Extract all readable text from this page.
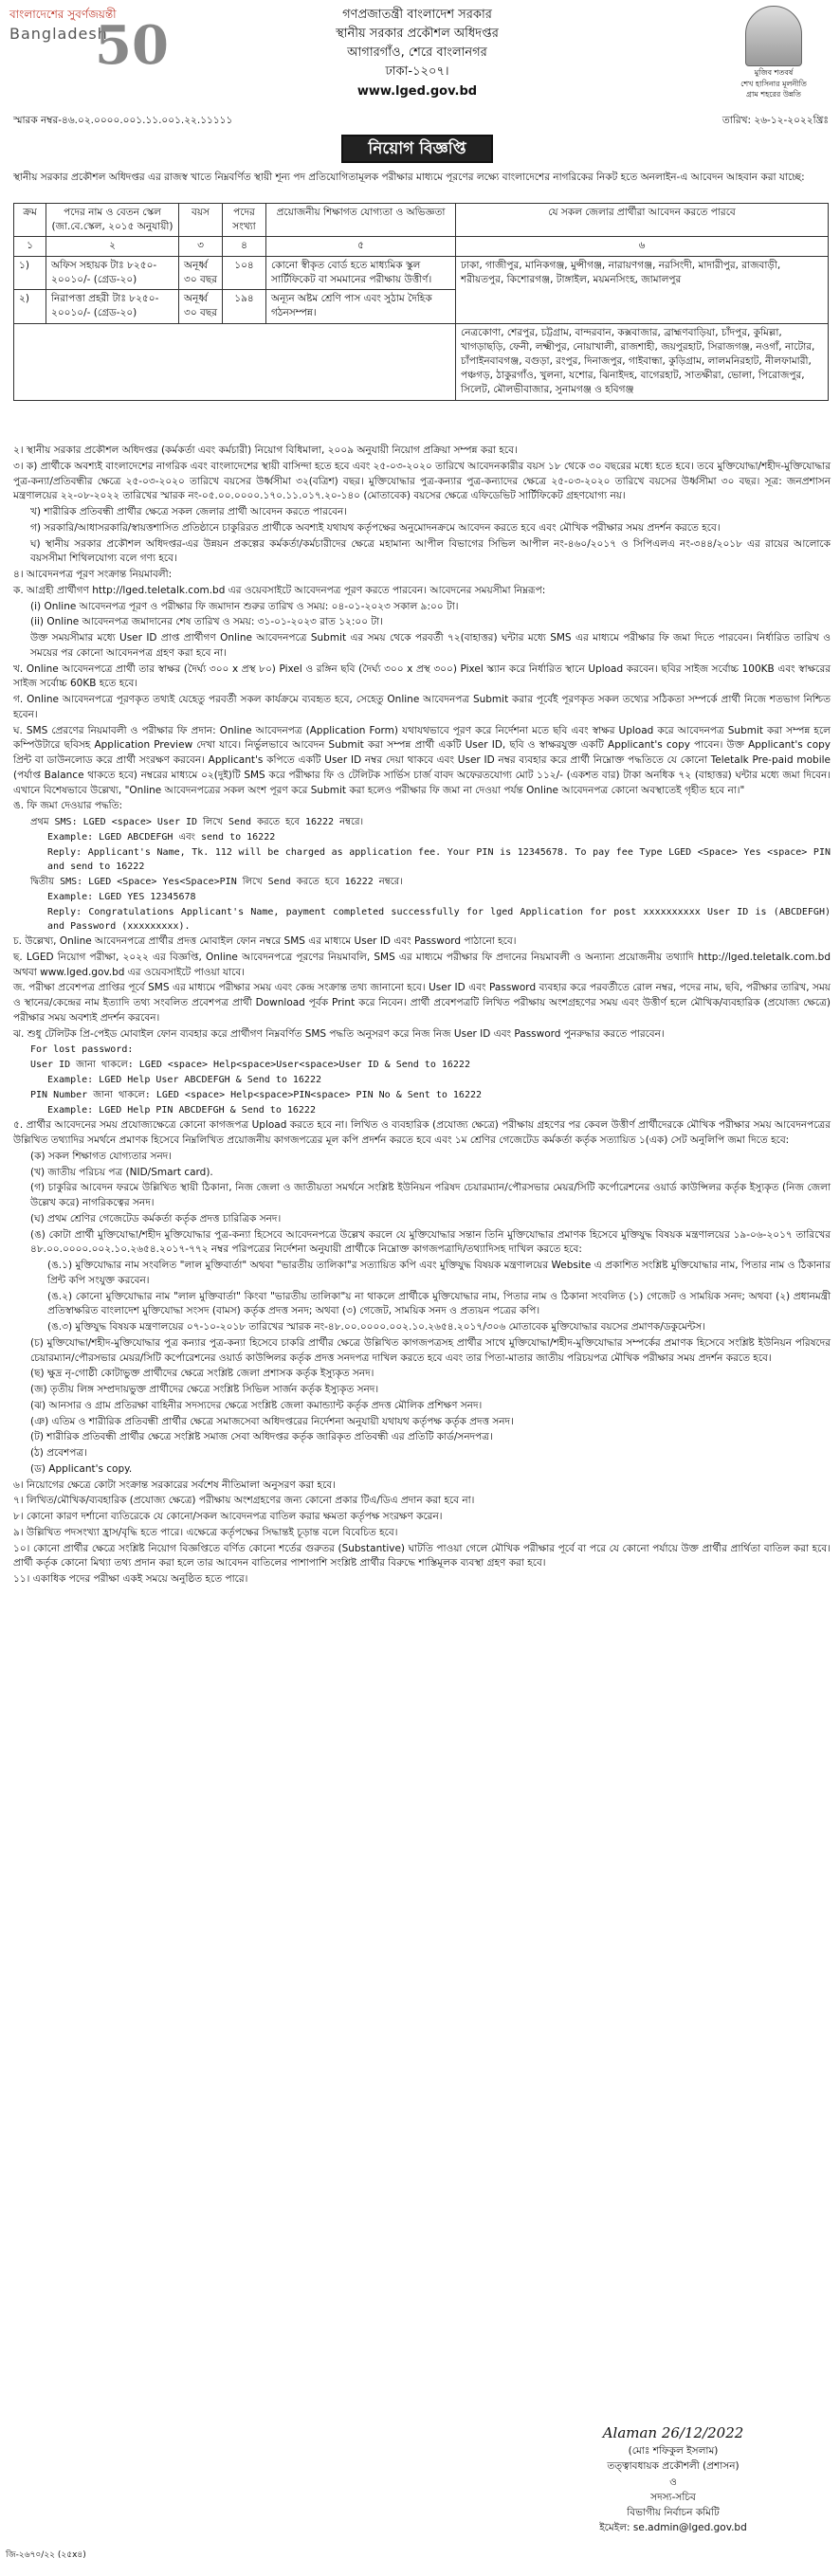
বাংলাদেশের সুবর্ণজয়ন্তী
Bangladesh
50	গণপ্রজাতন্ত্রী বাংলাদেশ সরকার
স্থানীয় সরকার প্রকৌশল অধিদপ্তর
আগারগাঁও, শেরে বাংলানগর
ঢাকা-১২০৭।
www.lged.gov.bd
মুজিব শতবর্ষ
শেখ হাসিনার মূলনীতি
গ্রাম শহরের উন্নতি
স্মারক নম্বর-৪৬.০২.০০০০.০০১.১১.০০১.২২.১১১১১	তারিখ: ২৬-১২-২০২২খ্রিঃ
নিয়োগ বিজ্ঞপ্তি
স্থানীয় সরকার প্রকৌশল অধিদপ্তর এর রাজস্ব খাতে নিম্নবর্ণিত স্থায়ী শূন্য পদ প্রতিযোগিতামূলক পরীক্ষার মাধ্যমে পূরণের লক্ষ্যে বাংলাদেশের নাগরিকের নিকট হতে অনলাইন-এ আবেদন আহবান করা যাচ্ছে:
ক্রম	পদের নাম ও বেতন স্কেল (জা.বে.স্কেল, ২০১৫ অনুযায়ী)	বয়স	পদের সংখ্যা	প্রয়োজনীয় শিক্ষাগত যোগ্যতা ও অভিজ্ঞতা	যে সকল জেলার প্রার্থীরা আবেদন করতে পারবে
১	২	৩	৪	৫	৬
১)	অফিস সহায়ক টাঃ ৮২৫০- ২০০১০/- (গ্রেড-২০)	অনূর্ধ্ব ৩০ বছর	১০৪	কোনো স্বীকৃত বোর্ড হতে মাধ্যমিক স্কুল সার্টিফিকেট বা সমমানের পরীক্ষায় উত্তীর্ণ।	ঢাকা, গাজীপুর, মানিকগঞ্জ, মুন্সীগঞ্জ, নারায়ণগঞ্জ, নরসিংদী, মাদারীপুর, রাজবাড়ী, শরীয়তপুর, কিশোরগঞ্জ, টাঙ্গাইল, ময়মনসিংহ, জামালপুর
২)	নিরাপত্তা প্রহরী টাঃ ৮২৫০- ২০০১০/- (গ্রেড-২০)	অনূর্ধ্ব ৩০ বছর	১৯৪	অন্যূন অষ্টম শ্রেণি পাস এবং সুঠাম দৈহিক গঠনসম্পন্ন।	
					নেত্রকোণা, শেরপুর, চট্টগ্রাম, বান্দরবান, কক্সবাজার, ব্রাহ্মণবাড়িয়া, চাঁদপুর, কুমিল্লা, খাগড়াছড়ি, ফেনী, লক্ষ্মীপুর, নোয়াখালী, রাজশাহী, জয়পুরহাট, সিরাজগঞ্জ, নওগাঁ, নাটোর, চাঁপাইনবাবগঞ্জ, বগুড়া, রংপুর, দিনাজপুর, গাইবান্ধা, কুড়িগ্রাম, লালমনিরহাট, নীলফামারী, পঞ্চগড়, ঠাকুরগাঁও, খুলনা, যশোর, ঝিনাইদহ, বাগেরহাট, সাতক্ষীরা, ভোলা, পিরোজপুর, সিলেট, মৌলভীবাজার, সুনামগঞ্জ ও হবিগঞ্জ

২। স্থানীয় সরকার প্রকৌশল অধিদপ্তর (কর্মকর্তা এবং কর্মচারী) নিয়োগ বিধিমালা, ২০০৯ অনুযায়ী নিয়োগ প্রক্রিয়া সম্পন্ন করা হবে।

৩। ক) প্রার্থীকে অবশ্যই বাংলাদেশের নাগরিক এবং বাংলাদেশের স্থায়ী বাসিন্দা হতে হবে এবং ২৫-০৩-২০২০ তারিখে আবেদনকারীর বয়স ১৮ থেকে ৩০ বছরের মধ্যে হতে হবে। তবে মুক্তিযোদ্ধা/শহীদ-মুক্তিযোদ্ধার পুত্র-কন্যা/প্রতিবন্ধীর ক্ষেত্রে ২৫-০৩-২০২০ তারিখে বয়সের উর্ধ্বসীমা ৩২(বত্রিশ) বছর। মুক্তিযোদ্ধার পুত্র-কন্যার পুত্র-কন্যাদের ক্ষেত্রে ২৫-০৩-২০২০ তারিখে বয়সের উর্ধ্বসীমা ৩০ বছর। সূত্র: জনপ্রশাসন মন্ত্রণালয়ের ২২-০৮-২০২২ তারিখের স্মারক নং-০৫.০০.০০০০.১৭০.১১.০১৭.২০-১৪০ (মোতাবেক) বয়সের ক্ষেত্রে এফিডেভিট সার্টিফিকেট গ্রহণযোগ্য নয়।

খ) শারীরিক প্রতিবন্ধী প্রার্থীর ক্ষেত্রে সকল জেলার প্রার্থী আবেদন করতে পারবেন।

গ) সরকারি/আধাসরকারি/স্বায়ত্তশাসিত প্রতিষ্ঠানে চাকুরিরত প্রার্থীকে অবশ্যই যথাযথ কর্তৃপক্ষের অনুমোদনক্রমে আবেদন করতে হবে এবং মৌখিক পরীক্ষার সময় প্রদর্শন করতে হবে।

ঘ) স্থানীয় সরকার প্রকৌশল অধিদপ্তর-এর উন্নয়ন প্রকল্পের কর্মকর্তা/কর্মচারীদের ক্ষেত্রে মহামান্য আপীল বিভাগের সিভিল আপীল নং-৪৬০/২০১৭ ও সিপিএলএ নং-৩৪৪/২০১৮ এর রায়ের আলোকে বয়সসীমা শিথিলযোগ্য বলে গণ্য হবে।

৪। আবেদনপত্র পূরণ সংক্রান্ত নিয়মাবলী:

ক. আগ্রহী প্রার্থীগণ http://lged.teletalk.com.bd এর ওয়েবসাইটে আবেদনপত্র পূরণ করতে পারবেন। আবেদনের সময়সীমা নিম্নরূপ:

(i) Online আবেদনপত্র পূরণ ও পরীক্ষার ফি জমাদান শুরুর তারিখ ও সময়: ০৪-০১-২০২৩ সকাল ৯:০০ টা।

(ii) Online আবেদনপত্র জমাদানের শেষ তারিখ ও সময়: ৩১-০১-২০২৩ রাত ১২:০০ টা।

উক্ত সময়সীমার মধ্যে User ID প্রাপ্ত প্রার্থীগণ Online আবেদনপত্রে Submit এর সময় থেকে পরবর্তী ৭২(বাহাত্তর) ঘন্টার মধ্যে SMS এর মাধ্যমে পরীক্ষার ফি জমা দিতে পারবেন। নির্ধারিত তারিখ ও সময়ের পর কোনো আবেদনপত্র গ্রহণ করা হবে না।

খ. Online আবেদনপত্রে প্রার্থী তার স্বাক্ষর (দৈর্ঘ্য ৩০০ x প্রস্থ ৮০) Pixel ও রঙ্গিন ছবি (দৈর্ঘ্য ৩০০ x প্রস্থ ৩০০) Pixel স্ক্যান করে নির্ধারিত স্থানে Upload করবেন। ছবির সাইজ সর্বোচ্চ 100KB এবং স্বাক্ষরের সাইজ সর্বোচ্চ 60KB হতে হবে।

গ. Online আবেদনপত্রে পূরণকৃত তথ্যই যেহেতু পরবর্তী সকল কার্যক্রমে ব্যবহৃত হবে, সেহেতু Online আবেদনপত্র Submit করার পূর্বেই পূরণকৃত সকল তথ্যের সঠিকতা সম্পর্কে প্রার্থী নিজে শতভাগ নিশ্চিত হবেন।

ঘ. SMS প্রেরণের নিয়মাবলী ও পরীক্ষার ফি প্রদান: Online আবেদনপত্র (Application Form) যথাযথভাবে পূরণ করে নির্দেশনা মতে ছবি এবং স্বাক্ষর Upload করে আবেদনপত্র Submit করা সম্পন্ন হলে কম্পিউটারে ছবিসহ Application Preview দেখা যাবে। নির্ভুলভাবে আবেদন Submit করা সম্পন্ন প্রার্থী একটি User ID, ছবি ও স্বাক্ষরযুক্ত একটি Applicant's copy পাবেন। উক্ত Applicant's copy প্রিন্ট বা ডাউনলোড করে প্রার্থী সংরক্ষণ করবেন। Applicant's কপিতে একটি User ID নম্বর দেয়া থাকবে এবং User ID নম্বর ব্যবহার করে প্রার্থী নিম্নোক্ত পদ্ধতিতে যে কোনো Teletalk Pre-paid mobile (পর্যাপ্ত Balance থাকতে হবে) নম্বরের মাধ্যমে ০২(দুই)টি SMS করে পরীক্ষার ফি ও টেলিটক সার্ভিস চার্জ বাবদ অফেরতযোগ্য মোট ১১২/- (একশত বার) টাকা অনধিক ৭২ (বাহাত্তর) ঘন্টার মধ্যে জমা দিবেন। এখানে বিশেষভাবে উল্লেখ্য, "Online আবেদনপত্রের সকল অংশ পূরণ করে Submit করা হলেও পরীক্ষার ফি জমা না দেওয়া পর্যন্ত Online আবেদনপত্র কোনো অবস্থাতেই গৃহীত হবে না।"

ঙ. ফি জমা দেওয়ার পদ্ধতি:

প্রথম SMS: LGED <space> User ID লিখে Send করতে হবে 16222 নম্বরে।

Example: LGED ABCDEFGH এবং send to 16222

Reply: Applicant's Name, Tk. 112 will be charged as application fee. Your PIN is 12345678. To pay fee Type LGED <Space> Yes <space> PIN and send to 16222

দ্বিতীয় SMS: LGED <Space> Yes<Space>PIN লিখে Send করতে হবে 16222 নম্বরে।

Example: LGED YES 12345678

Reply: Congratulations Applicant's Name, payment completed successfully for lged Application for post xxxxxxxxxx User ID is (ABCDEFGH) and Password (xxxxxxxxx).

চ. উল্লেখ্য, Online আবেদনপত্রে প্রার্থীর প্রদত্ত মোবাইল ফোন নম্বরে SMS এর মাধ্যমে User ID এবং Password পাঠানো হবে।

ছ. LGED নিয়োগ পরীক্ষা, ২০২২ এর বিজ্ঞপ্তি, Online আবেদনপত্রে পূরণের নিয়মাবলি, SMS এর মাধ্যমে পরীক্ষার ফি প্রদানের নিয়মাবলী ও অন্যান্য প্রয়োজনীয় তথ্যাদি http://lged.teletalk.com.bd অথবা www.lged.gov.bd এর ওয়েবসাইটে পাওয়া যাবে।

জ. পরীক্ষা প্রবেশপত্র প্রাপ্তির পূর্বে SMS এর মাধ্যমে পরীক্ষার সময় এবং কেন্দ্র সংক্রান্ত তথ্য জানানো হবে। User ID এবং Password ব্যবহার করে পরবর্তীতে রোল নম্বর, পদের নাম, ছবি, পরীক্ষার তারিখ, সময় ও স্থানের/কেন্দ্রের নাম ইত্যাদি তথ্য সংবলিত প্রবেশপত্র প্রার্থী Download পূর্বক Print করে নিবেন। প্রার্থী প্রবেশপত্রটি লিখিত পরীক্ষায় অংশগ্রহণের সময় এবং উত্তীর্ণ হলে মৌখিক/ব্যবহারিক (প্রযোজ্য ক্ষেত্রে) পরীক্ষার সময় অবশ্যই প্রদর্শন করবেন।

ঝ. শুধু টেলিটক প্রি-পেইড মোবাইল ফোন ব্যবহার করে প্রার্থীগণ নিম্নবর্ণিত SMS পদ্ধতি অনুসরণ করে নিজ নিজ User ID এবং Password পুনরুদ্ধার করতে পারবেন।

For lost password:

User ID জানা থাকলে: LGED <space> Help<space>User<space>User ID & Send to 16222

Example: LGED Help User ABCDEFGH & Send to 16222

PIN Number জানা থাকলে: LGED <space> Help<space>PIN<space> PIN No & Sent to 16222

Example: LGED Help PIN ABCDEFGH & Send to 16222

৫. প্রার্থীর আবেদনের সময় প্রযোজ্যক্ষেত্রে কোনো কাগজপত্র Upload করতে হবে না। লিখিত ও ব্যবহারিক (প্রযোজ্য ক্ষেত্রে) পরীক্ষায় গ্রহণের পর কেবল উত্তীর্ণ প্রার্থীদেরকে মৌখিক পরীক্ষার সময় আবেদনপত্রের উল্লিখিত তথ্যাদির সমর্থনে প্রমাণক হিসেবে নিম্নলিখিত প্রয়োজনীয় কাগজপত্রের মূল কপি প্রদর্শন করতে হবে এবং ১ম শ্রেণির গেজেটেড কর্মকর্তা কর্তৃক সত্যায়িত ১(এক) সেট অনুলিপি জমা দিতে হবে:

(ক) সকল শিক্ষাগত যোগ্যতার সনদ।

(খ) জাতীয় পরিচয় পত্র (NID/Smart card).

(গ) চাকুরির আবেদন ফরমে উল্লিখিত স্থায়ী ঠিকানা, নিজ জেলা ও জাতীয়তা সমর্থনে সংশ্লিষ্ট ইউনিয়ন পরিষদ চেয়ারম্যান/পৌরসভার মেয়র/সিটি কর্পোরেশনের ওয়ার্ড কাউন্সিলর কর্তৃক ইস্যুকৃত (নিজ জেলা উল্লেখ করে) নাগরিকত্বের সনদ।

(ঘ) প্রথম শ্রেণির গেজেটেড কর্মকর্তা কর্তৃক প্রদত্ত চারিত্রিক সনদ।

(ঙ) কোটা প্রার্থী মুক্তিযোদ্ধা/শহীদ মুক্তিযোদ্ধার পুত্র-কন্যা হিসেবে আবেদনপত্রে উল্লেখ করলে যে মুক্তিযোদ্ধার সন্তান তিনি মুক্তিযোদ্ধার প্রমাণক হিসেবে মুক্তিযুদ্ধ বিষয়ক মন্ত্রণালয়ের ১৯-০৬-২০১৭ তারিখের ৪৮.০০.০০০০.০০২.১০.২৬৫৪.২০১৭-৭৭২ নম্বর পরিপত্রের নির্দেশনা অনুযায়ী প্রার্থীকে নিম্নোক্ত কাগজপত্রাদি/তথ্যাদিসহ দাখিল করতে হবে:

(ঙ.১) মুক্তিযোদ্ধার নাম সংবলিত "লাল মুক্তিবার্তা" অথবা "ভারতীয় তালিকা"র সত্যায়িত কপি এবং মুক্তিযুদ্ধ বিষয়ক মন্ত্রণালয়ের Website এ প্রকাশিত সংশ্লিষ্ট মুক্তিযোদ্ধার নাম, পিতার নাম ও ঠিকানার প্রিন্ট কপি সংযুক্ত করবেন।

(ঙ.২) কোনো মুক্তিযোদ্ধার নাম "লাল মুক্তিবার্তা" কিংবা "ভারতীয় তালিকা"য় না থাকলে প্রার্থীকে মুক্তিযোদ্ধার নাম, পিতার নাম ও ঠিকানা সংবলিত (১) গেজেট ও সাময়িক সনদ; অথবা (২) প্রধানমন্ত্রী প্রতিস্বাক্ষরিত বাংলাদেশ মুক্তিযোদ্ধা সংসদ (বামস) কর্তৃক প্রদত্ত সনদ; অথবা (৩) গেজেট, সাময়িক সনদ ও প্রত্যয়ন পত্রের কপি।

(ঙ.৩) মুক্তিযুদ্ধ বিষয়ক মন্ত্রণালয়ের ০৭-১০-২০১৮ তারিখের স্মারক নং-৪৮.০০.০০০০.০০২.১০.২৬৫৪.২০১৭/৩০৬ মোতাবেক মুক্তিযোদ্ধার বয়সের প্রমাণক/ডকুমেন্টস।

(চ) মুক্তিযোদ্ধা/শহীদ-মুক্তিযোদ্ধার পুত্র কন্যার পুত্র-কন্যা হিসেবে চাকরি প্রার্থীর ক্ষেত্রে উল্লিখিত কাগজপত্রসহ প্রার্থীর সাথে মুক্তিযোদ্ধা/শহীদ-মুক্তিযোদ্ধার সম্পর্কের প্রমাণক হিসেবে সংশ্লিষ্ট ইউনিয়ন পরিষদের চেয়ারম্যান/পৌরসভার মেয়র/সিটি কর্পোরেশনের ওয়ার্ড কাউন্সিলর কর্তৃক প্রদত্ত সনদপত্র দাখিল করতে হবে এবং তার পিতা-মাতার জাতীয় পরিচয়পত্র মৌখিক পরীক্ষার সময় প্রদর্শন করতে হবে।

(ছ) ক্ষুদ্র নৃ-গোষ্ঠী কোটাভুক্ত প্রার্থীদের ক্ষেত্রে সংশ্লিষ্ট জেলা প্রশাসক কর্তৃক ইস্যুকৃত সনদ।

(জ) তৃতীয় লিঙ্গ সম্প্রদায়ভুক্ত প্রার্থীদের ক্ষেত্রে সংশ্লিষ্ট সিভিল সার্জন কর্তৃক ইস্যুকৃত সনদ।

(ঝ) আনসার ও গ্রাম প্রতিরক্ষা বাহিনীর সদস্যদের ক্ষেত্রে সংশ্লিষ্ট জেলা কমান্ড্যান্ট কর্তৃক প্রদত্ত মৌলিক প্রশিক্ষণ সনদ।

(ঞ) এতিম ও শারীরিক প্রতিবন্ধী প্রার্থীর ক্ষেত্রে সমাজসেবা অধিদপ্তরের নির্দেশনা অনুযায়ী যথাযথ কর্তৃপক্ষ কর্তৃক প্রদত্ত সনদ।

(ট) শারীরিক প্রতিবন্ধী প্রার্থীর ক্ষেত্রে সংশ্লিষ্ট সমাজ সেবা অধিদপ্তর কর্তৃক জারিকৃত প্রতিবন্ধী এর প্রতিটি কার্ড/সনদপত্র।

(ঠ) প্রবেশপত্র।

(ড) Applicant's copy.

৬। নিয়োগের ক্ষেত্রে কোটা সংক্রান্ত সরকারের সর্বশেষ নীতিমালা অনুসরণ করা হবে।

৭। লিখিত/মৌখিক/ব্যবহারিক (প্রযোজ্য ক্ষেত্রে) পরীক্ষায় অংশগ্রহণের জন্য কোনো প্রকার টিএ/ডিএ প্রদান করা হবে না।

৮। কোনো কারণ দর্শানো ব্যতিরেকে যে কোনো/সকল আবেদনপত্র বাতিল করার ক্ষমতা কর্তৃপক্ষ সংরক্ষণ করেন।

৯। উল্লিখিত পদসংখ্যা হ্রাস/বৃদ্ধি হতে পারে। এক্ষেত্রে কর্তৃপক্ষের সিদ্ধান্তই চূড়ান্ত বলে বিবেচিত হবে।

১০। কোনো প্রার্থীর ক্ষেত্রে সংশ্লিষ্ট নিয়োগ বিজ্ঞপ্তিতে বর্ণিত কোনো শর্তের গুরুতর (Substantive) ঘাটতি পাওয়া গেলে মৌখিক পরীক্ষার পূর্বে বা পরে যে কোনো পর্যায়ে উক্ত প্রার্থীর প্রার্থিতা বাতিল করা হবে। প্রার্থী কর্তৃক কোনো মিথ্যা তথ্য প্রদান করা হলে তার আবেদন বাতিলের পাশাপাশি সংশ্লিষ্ট প্রার্থীর বিরুদ্ধে শাস্তিমূলক ব্যবস্থা গ্রহণ করা হবে।

১১। একাধিক পদের পরীক্ষা একই সময়ে অনুষ্ঠিত হতে পারে।

Alaman 26/12/2022
(মোঃ শফিকুল ইসলাম)
তত্ত্বাবধায়ক প্রকৌশলী (প্রশাসন)
ও
সদস্য-সচিব
বিভাগীয় নির্বাচন কমিটি
ইমেইল: se.admin@lged.gov.bd
জি-২৬৭০/২২ (২৫x৪)
